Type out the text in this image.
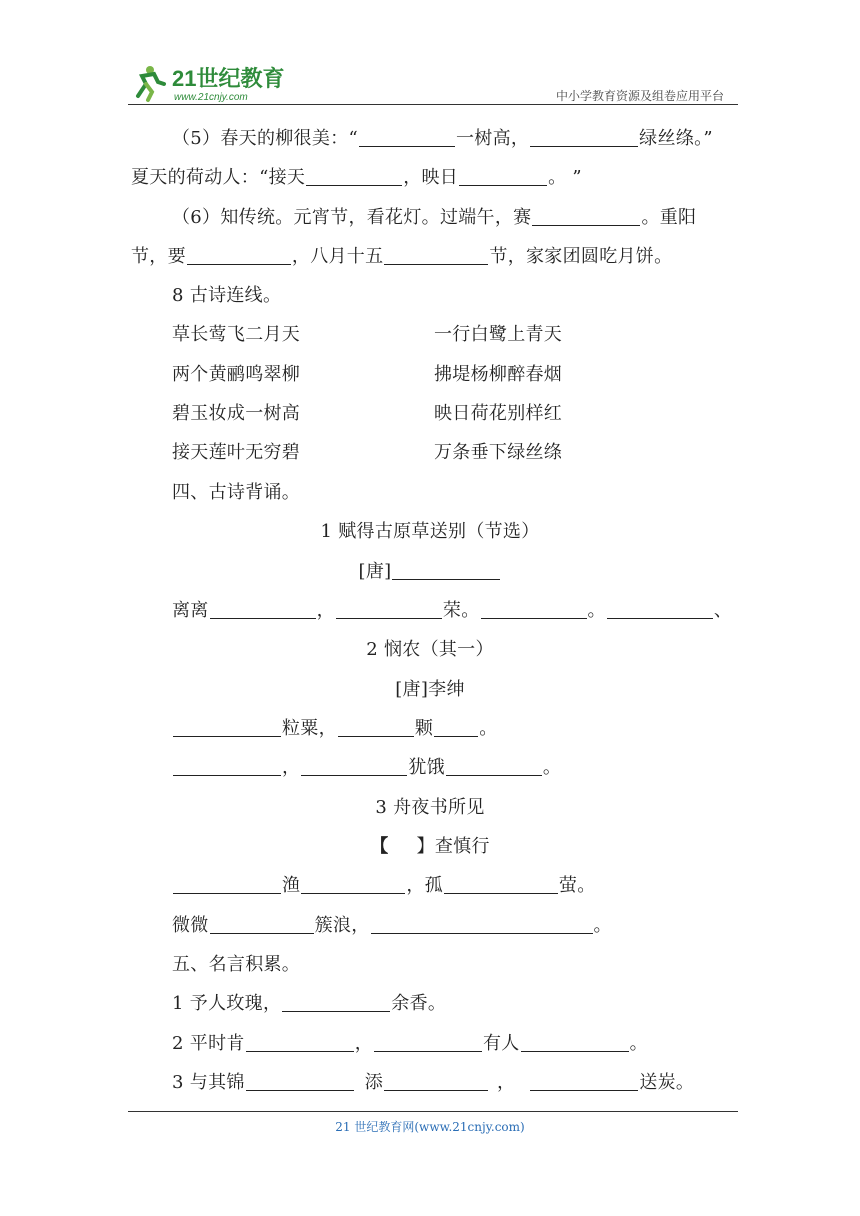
21世纪教育
www.21cnjy.com	中小学教育资源及组卷应用平台
（5）春天的柳很美：“	一树高，	绿丝绦。”
夏天的荷动人：“接天	，映日	。 ”
（6）知传统。元宵节，看花灯。过端午，赛	。重阳
节，要	，八月十五	节，家家团圆吃月饼。
8 古诗连线。
草长莺飞二月天	一行白鹭上青天
两个黄鹂鸣翠柳	拂堤杨柳醉春烟
碧玉妆成一树高	映日荷花别样红
接天莲叶无穷碧	万条垂下绿丝绦
四、古诗背诵。
1 赋得古原草送别（节选）
[唐]
离离	，	荣。	。	、
2 悯农（其一）
[唐]李绅
粒粟，	颗	。
，	犹饿	。
3 舟夜书所见
【 】查慎行
渔	，孤	萤。
微微	簇浪，	。
五、名言积累。
1 予人玫瑰，	余香。
2 平时肯	，	有人	。
3 与其锦	添	，	送炭。
21 世纪教育网(www.21cnjy.com)
